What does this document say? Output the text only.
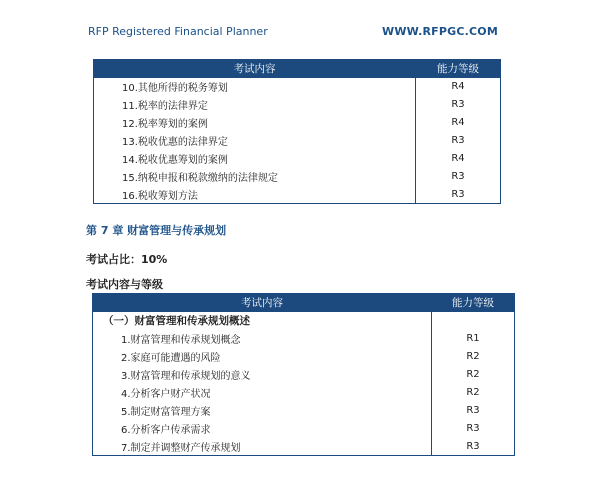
RFP Registered Financial Planner	WWW.RFPGC.COM
考试内容	能力等级
10.其他所得的税务筹划	R4
11.税率的法律界定	R3
12.税率筹划的案例	R4
13.税收优惠的法律界定	R3
14.税收优惠筹划的案例	R4
15.纳税申报和税款缴纳的法律规定	R3
16.税收筹划方法	R3
第 7 章 财富管理与传承规划
考试占比：10%
考试内容与等级
考试内容	能力等级
（一）财富管理和传承规划概述	
1.财富管理和传承规划概念	R1
2.家庭可能遭遇的风险	R2
3.财富管理和传承规划的意义	R2
4.分析客户财产状况	R2
5.制定财富管理方案	R3
6.分析客户传承需求	R3
7.制定并调整财产传承规划	R3
